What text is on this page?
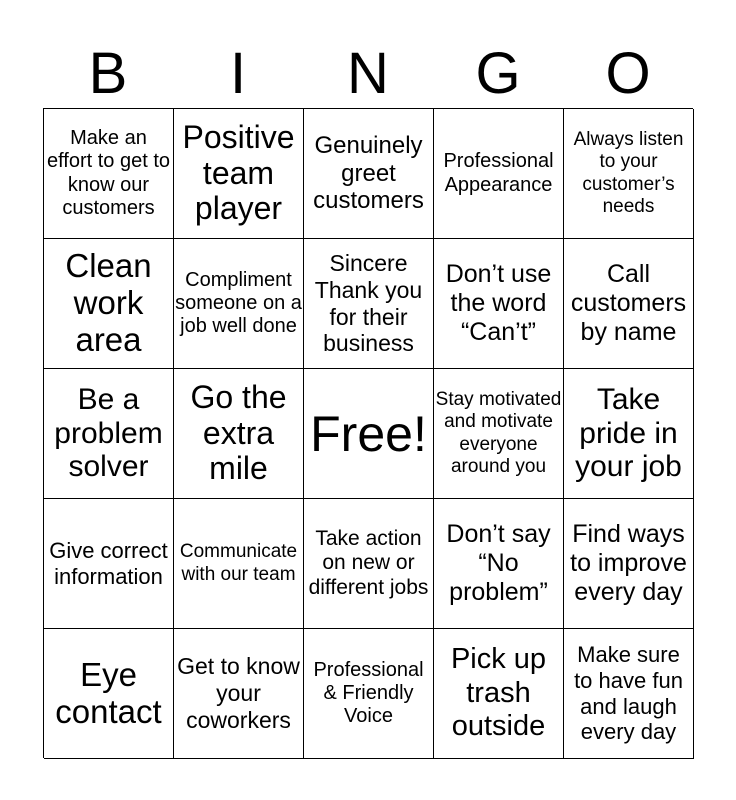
B	I	N	G	O
Make an effort to get to know our customers
Positive team player
Genuinely greet customers
Professional Appearance
Always listen to your customer’s needs
Clean work area
Compliment someone on a job well done
Sincere Thank you for their business
Don’t use the word “Can’t”
Call customers by name
Be a problem solver
Go the extra mile
Free!
Stay motivated and motivate everyone around you
Take pride in your job
Give correct information
Communicate with our team
Take action on new or different jobs
Don’t say “No problem”
Find ways to improve every day
Eye contact
Get to know your coworkers
Professional & Friendly Voice
Pick up trash outside
Make sure to have fun and laugh every day
